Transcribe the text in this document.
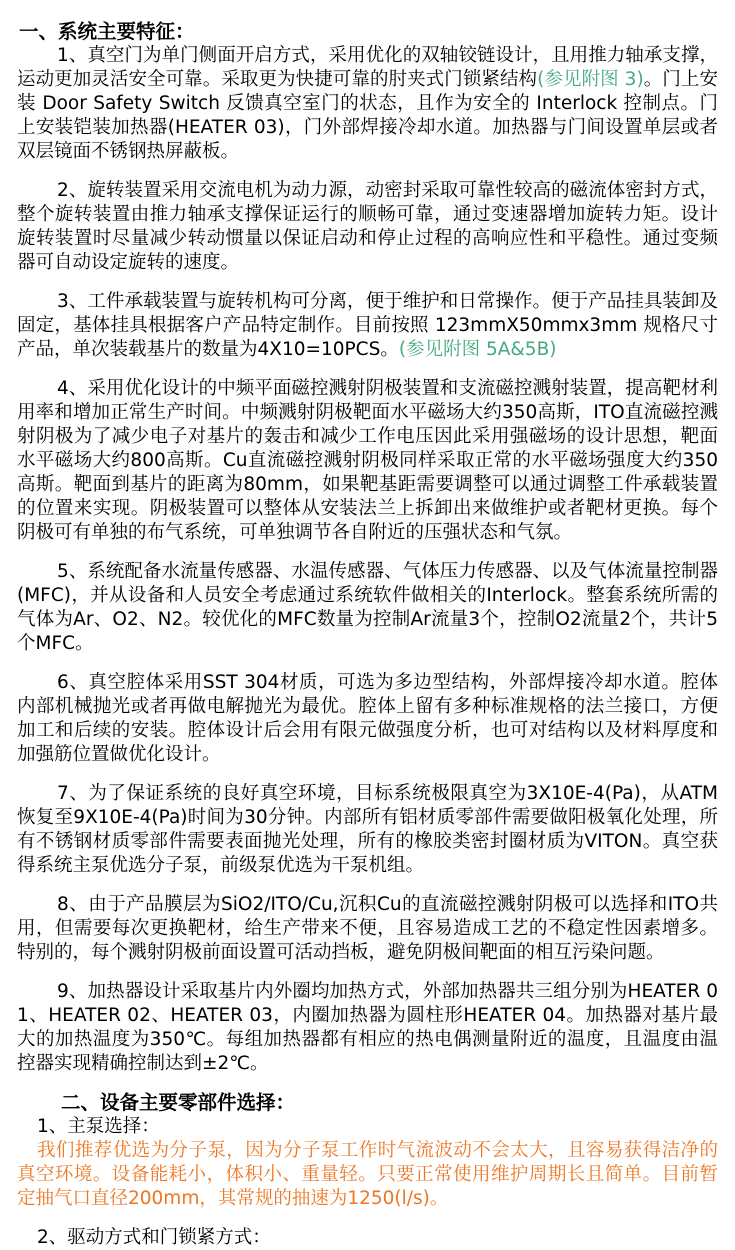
一、系统主要特征：
1、真空门为单门侧面开启方式，采用优化的双轴铰链设计，且用推力轴承支撑，运动更加灵活安全可靠。采取更为快捷可靠的肘夹式门锁紧结构(参见附图 3)。门上安装 Door Safety Switch 反馈真空室门的状态，且作为安全的 Interlock 控制点。门上安装铠装加热器(HEATER 03)，门外部焊接冷却水道。加热器与门间设置单层或者双层镜面不锈钢热屏蔽板。
2、旋转装置采用交流电机为动力源，动密封采取可靠性较高的磁流体密封方式，整个旋转装置由推力轴承支撑保证运行的顺畅可靠，通过变速器增加旋转力矩。设计旋转装置时尽量减少转动惯量以保证启动和停止过程的高响应性和平稳性。通过变频器可自动设定旋转的速度。
3、工件承载装置与旋转机构可分离，便于维护和日常操作。便于产品挂具装卸及固定，基体挂具根据客户产品特定制作。目前按照 123mmX50mmx3mm 规格尺寸产品，单次装载基片的数量为4X10=10PCS。(参见附图 5A&5B)
4、采用优化设计的中频平面磁控溅射阴极装置和支流磁控溅射装置，提高靶材利用率和增加正常生产时间。中频溅射阴极靶面水平磁场大约350高斯，ITO直流磁控溅射阴极为了减少电子对基片的轰击和减少工作电压因此采用强磁场的设计思想，靶面水平磁场大约800高斯。Cu直流磁控溅射阴极同样采取正常的水平磁场强度大约350高斯。靶面到基片的距离为80mm，如果靶基距需要调整可以通过调整工件承载装置的位置来实现。阴极装置可以整体从安装法兰上拆卸出来做维护或者靶材更换。每个阴极可有单独的布气系统，可单独调节各自附近的压强状态和气氛。
5、系统配备水流量传感器、水温传感器、气体压力传感器、以及气体流量控制器(MFC)，并从设备和人员安全考虑通过系统软件做相关的Interlock。整套系统所需的气体为Ar、O2、N2。较优化的MFC数量为控制Ar流量3个，控制O2流量2个，共计5个MFC。
6、真空腔体采用SST 304材质，可选为多边型结构，外部焊接冷却水道。腔体内部机械抛光或者再做电解抛光为最优。腔体上留有多种标准规格的法兰接口，方便加工和后续的安装。腔体设计后会用有限元做强度分析，也可对结构以及材料厚度和加强筋位置做优化设计。
7、为了保证系统的良好真空环境，目标系统极限真空为3X10E-4(Pa)，从ATM恢复至9X10E-4(Pa)时间为30分钟。内部所有铝材质零部件需要做阳极氧化处理，所有不锈钢材质零部件需要表面抛光处理，所有的橡胶类密封圈材质为VITON。真空获得系统主泵优选分子泵，前级泵优选为干泵机组。
8、由于产品膜层为SiO2/ITO/Cu,沉积Cu的直流磁控溅射阴极可以选择和ITO共用，但需要每次更换靶材，给生产带来不便，且容易造成工艺的不稳定性因素增多。特别的，每个溅射阴极前面设置可活动挡板，避免阴极间靶面的相互污染问题。
9、加热器设计采取基片内外圈均加热方式，外部加热器共三组分别为HEATER 01、HEATER 02、HEATER 03，内圈加热器为圆柱形HEATER 04。加热器对基片最大的加热温度为350℃。每组加热器都有相应的热电偶测量附近的温度，且温度由温控器实现精确控制达到±2℃。
二、设备主要零部件选择：
1、主泵选择：
我们推荐优选为分子泵，因为分子泵工作时气流波动不会太大，且容易获得洁净的真空环境。设备能耗小，体积小、重量轻。只要正常使用维护周期长且简单。目前暂定抽气口直径200mm，其常规的抽速为1250(l/s)。
2、驱动方式和门锁紧方式：
